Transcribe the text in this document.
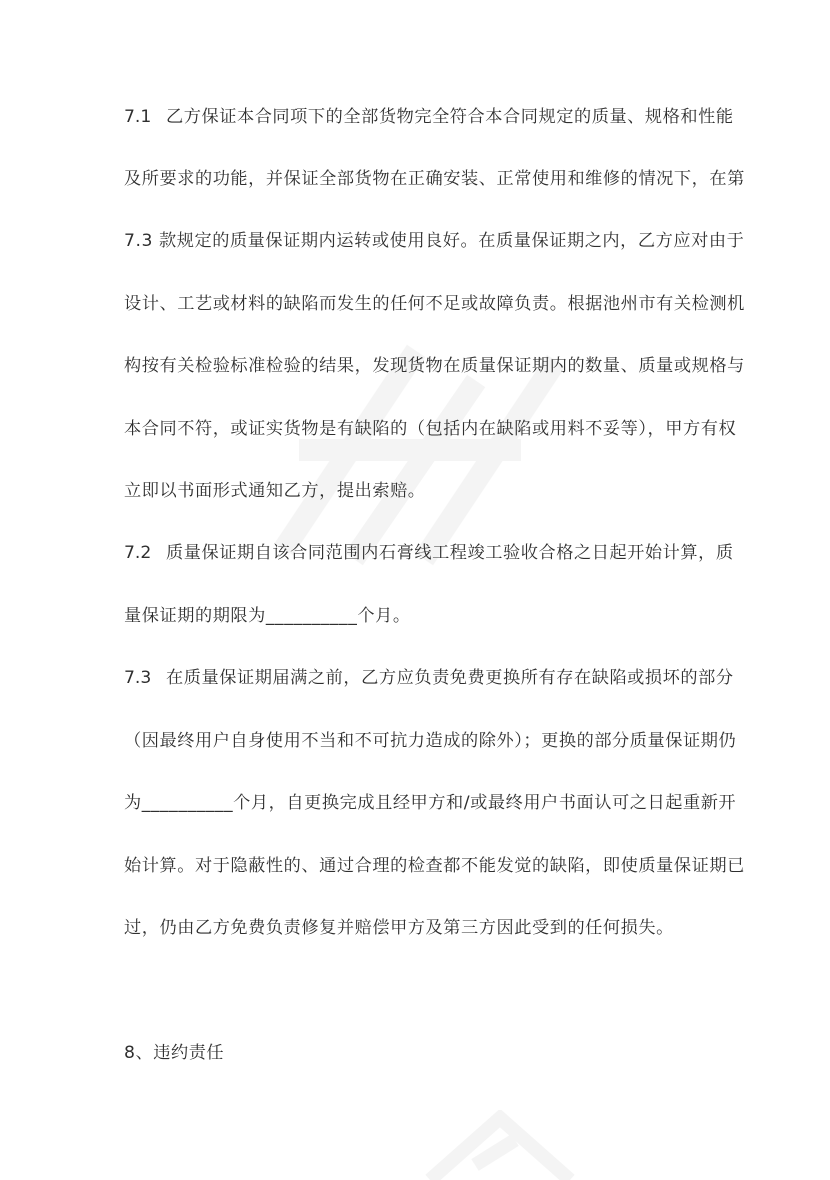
7.1 乙方保证本合同项下的全部货物完全符合本合同规定的质量、规格和性能
及所要求的功能，并保证全部货物在正确安装、正常使用和维修的情况下，在第
7.3 款规定的质量保证期内运转或使用良好。在质量保证期之内，乙方应对由于
设计、工艺或材料的缺陷而发生的任何不足或故障负责。根据池州市有关检测机
构按有关检验标准检验的结果，发现货物在质量保证期内的数量、质量或规格与
本合同不符，或证实货物是有缺陷的（包括内在缺陷或用料不妥等），甲方有权
立即以书面形式通知乙方，提出索赔。
7.2 质量保证期自该合同范围内石膏线工程竣工验收合格之日起开始计算，质
量保证期的期限为__________个月。
7.3 在质量保证期届满之前，乙方应负责免费更换所有存在缺陷或损坏的部分
（因最终用户自身使用不当和不可抗力造成的除外）；更换的部分质量保证期仍
为__________个月，自更换完成且经甲方和/或最终用户书面认可之日起重新开
始计算。对于隐蔽性的、通过合理的检查都不能发觉的缺陷，即使质量保证期已
过，仍由乙方免费负责修复并赔偿甲方及第三方因此受到的任何损失。
8、违约责任
